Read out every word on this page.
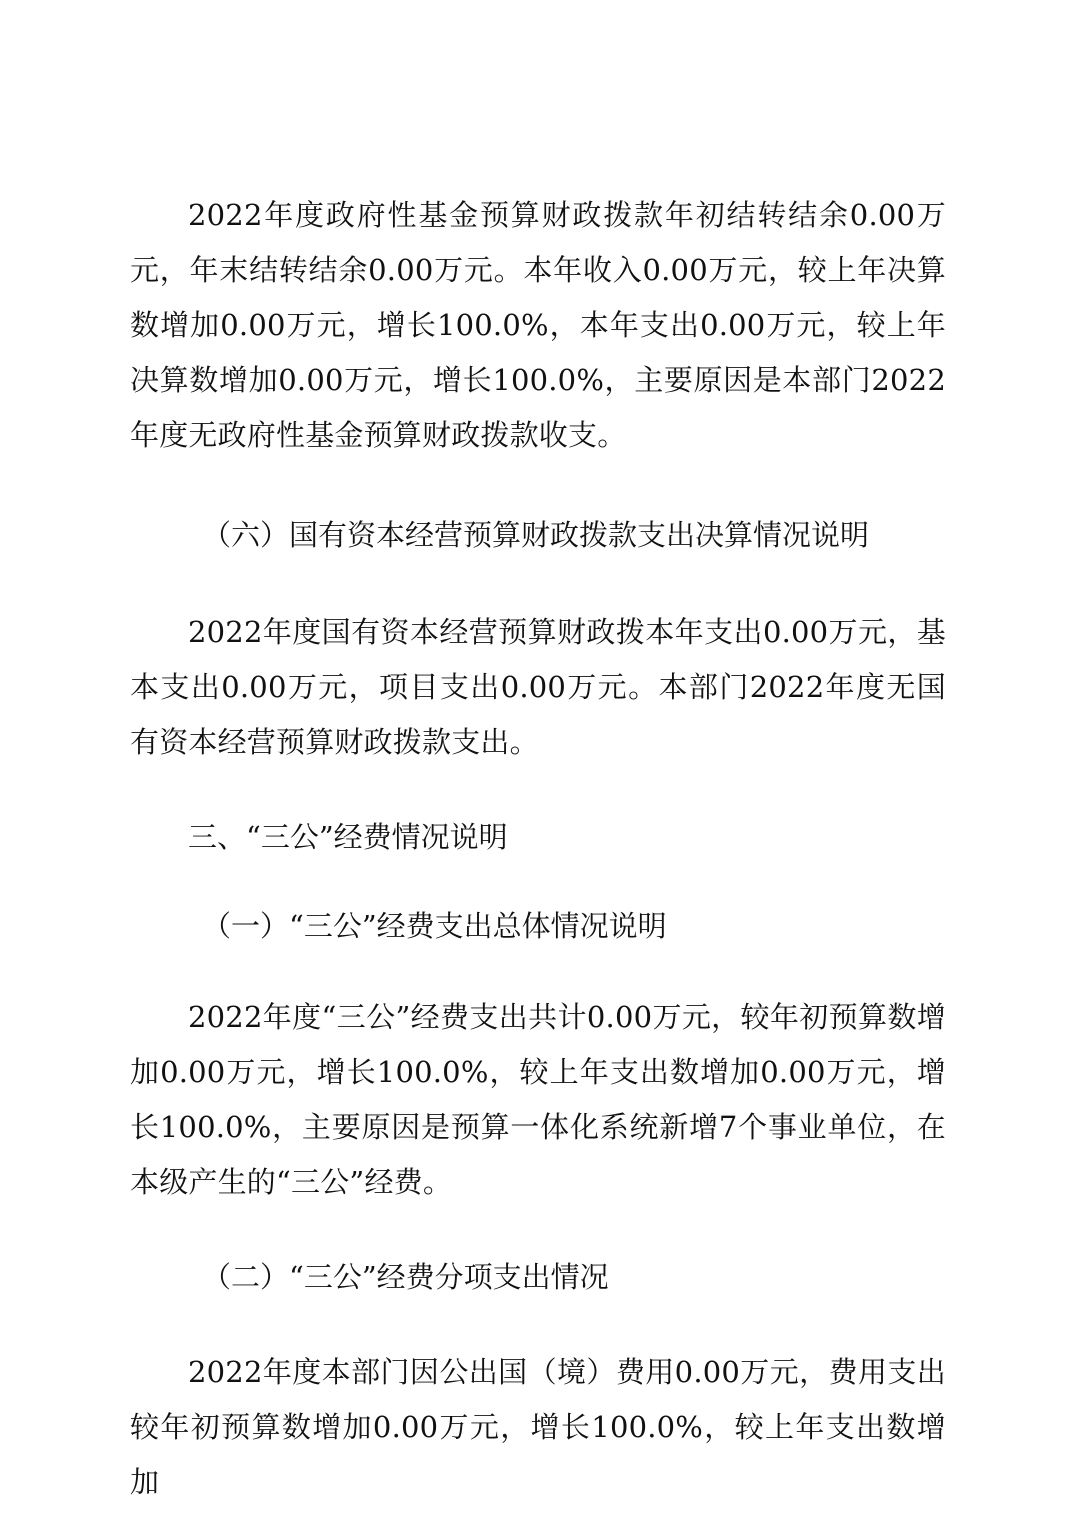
2022年度政府性基金预算财政拨款年初结转结余0.00万元，年末结转结余0.00万元。本年收入0.00万元，较上年决算数增加0.00万元，增长100.0%，本年支出0.00万元，较上年决算数增加0.00万元，增长100.0%，主要原因是本部门2022年度无政府性基金预算财政拨款收支。

（六）国有资本经营预算财政拨款支出决算情况说明

2022年度国有资本经营预算财政拨本年支出0.00万元，基本支出0.00万元，项目支出0.00万元。本部门2022年度无国有资本经营预算财政拨款支出。

三、“三公”经费情况说明

（一）“三公”经费支出总体情况说明

2022年度“三公”经费支出共计0.00万元，较年初预算数增加0.00万元，增长100.0%，较上年支出数增加0.00万元，增长100.0%，主要原因是预算一体化系统新增7个事业单位，在本级产生的“三公”经费。

（二）“三公”经费分项支出情况

2022年度本部门因公出国（境）费用0.00万元，费用支出较年初预算数增加0.00万元，增长100.0%，较上年支出数增加
